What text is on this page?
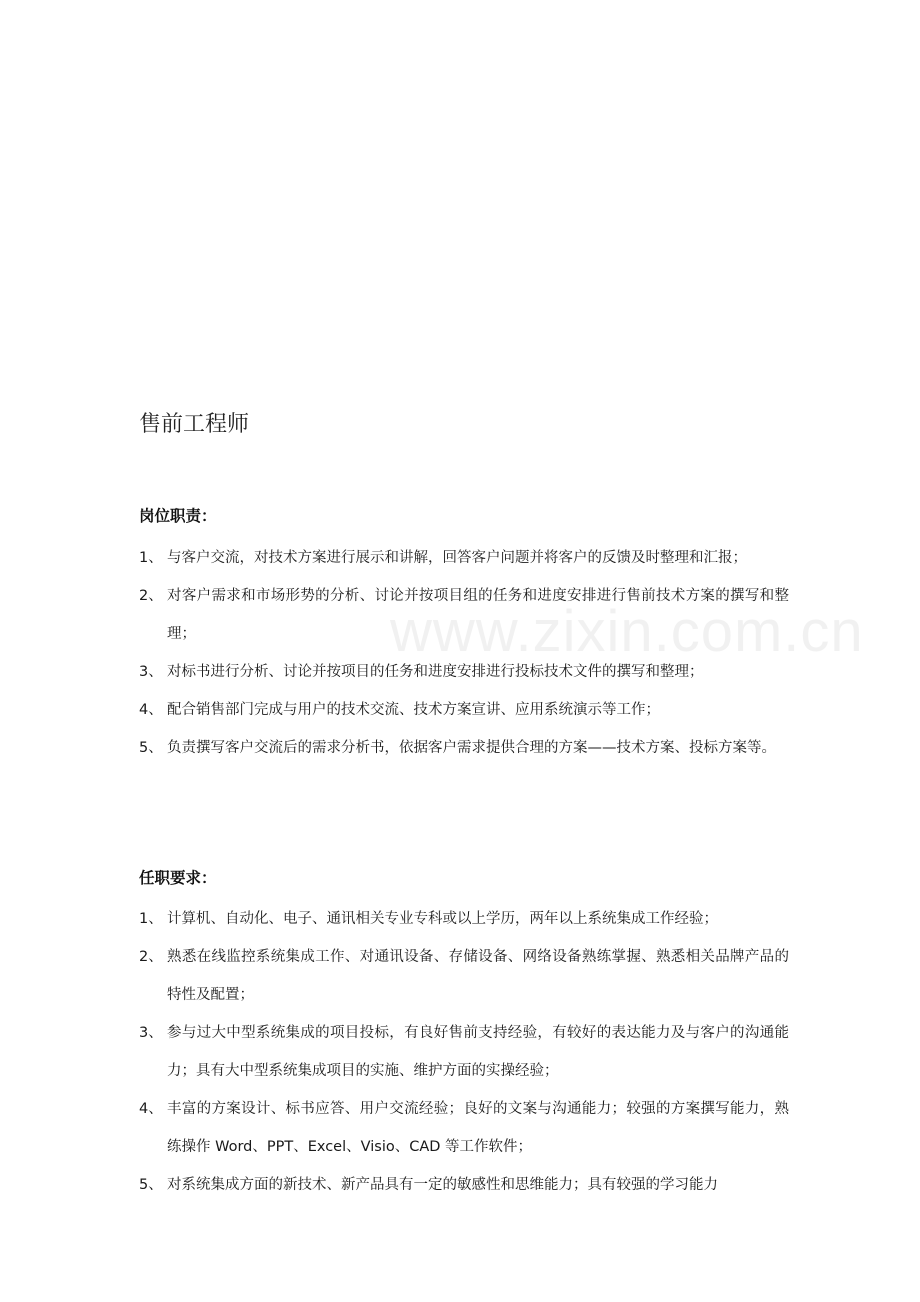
www.zixin.com.cn
售前工程师
岗位职责：
1、 与客户交流，对技术方案进行展示和讲解，回答客户问题并将客户的反馈及时整理和汇报；
2、 对客户需求和市场形势的分析、讨论并按项目组的任务和进度安排进行售前技术方案的撰写和整理；
3、 对标书进行分析、讨论并按项目的任务和进度安排进行投标技术文件的撰写和整理；
4、 配合销售部门完成与用户的技术交流、技术方案宣讲、应用系统演示等工作；
5、 负责撰写客户交流后的需求分析书，依据客户需求提供合理的方案——技术方案、投标方案等。
任职要求：
1、 计算机、自动化、电子、通讯相关专业专科或以上学历，两年以上系统集成工作经验；
2、 熟悉在线监控系统集成工作、对通讯设备、存储设备、网络设备熟练掌握、熟悉相关品牌产品的特性及配置；
3、 参与过大中型系统集成的项目投标，有良好售前支持经验，有较好的表达能力及与客户的沟通能力；具有大中型系统集成项目的实施、维护方面的实操经验；
4、 丰富的方案设计、标书应答、用户交流经验；良好的文案与沟通能力；较强的方案撰写能力，熟练操作 Word、PPT、Excel、Visio、CAD 等工作软件；
5、 对系统集成方面的新技术、新产品具有一定的敏感性和思维能力；具有较强的学习能力
